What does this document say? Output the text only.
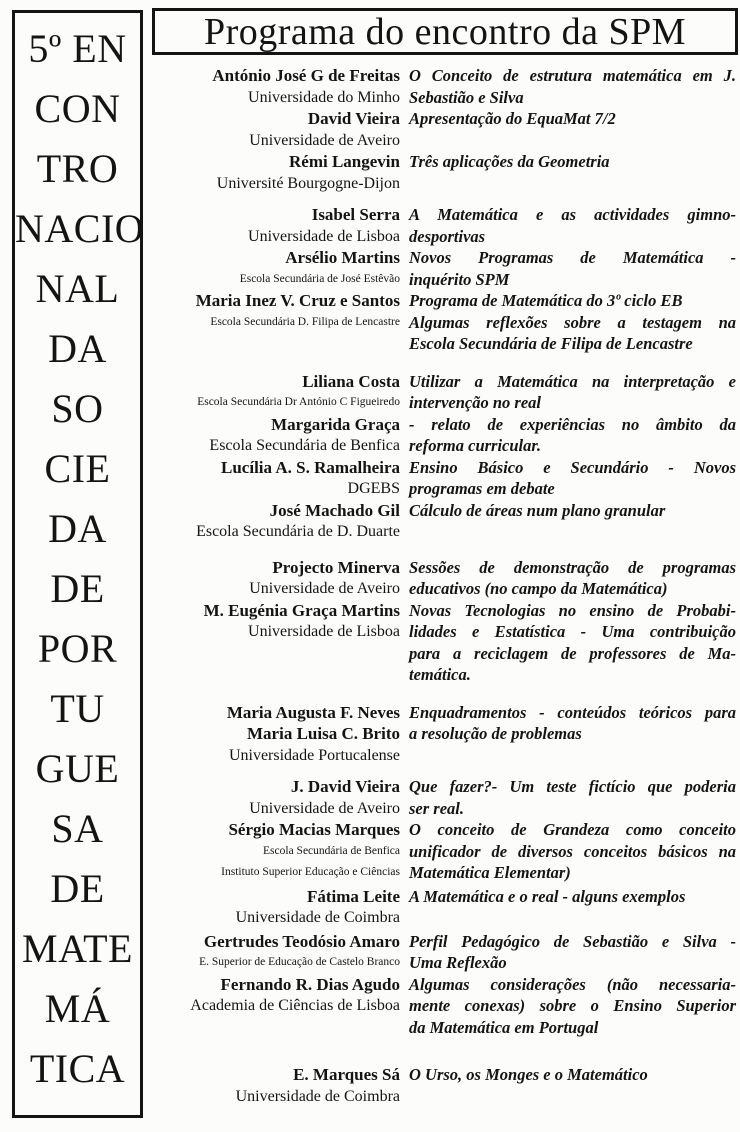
5º EN
CON
TRO
NACIO
NAL
DA
SO
CIE
DA
DE
POR
TU
GUE
SA
DE
MATE
MÁ
TICA
Programa do encontro da SPM
António José G de Freitas
Universidade do Minho
O Conceito de estrutura matemática em J.
Sebastião e Silva
David Vieira
Universidade de Aveiro
Apresentação do EquaMat 7/2
Rémi Langevin
Université Bourgogne-Dijon
Três aplicações da Geometria
Isabel Serra
Universidade de Lisboa
A Matemática e as actividades gimno-
desportivas
Arsélio Martins
Escola Secundária de José Estêvão
Novos Programas de Matemática -
inquérito SPM
Maria Inez V. Cruz e Santos
Escola Secundária D. Filipa de Lencastre
Programa de Matemática do 3º ciclo EB
Algumas reflexões sobre a testagem na
Escola Secundária de Filipa de Lencastre
Liliana Costa
Escola Secundária Dr António C Figueiredo
Utilizar a Matemática na interpretação e
intervenção no real
Margarida Graça
Escola Secundária de Benfica
- relato de experiências no âmbito da
reforma curricular.
Lucília A. S. Ramalheira
DGEBS
Ensino Básico e Secundário - Novos
programas em debate
José Machado Gil
Escola Secundária de D. Duarte
Cálculo de áreas num plano granular
Projecto Minerva
Universidade de Aveiro
Sessões de demonstração de programas
educativos (no campo da Matemática)
M. Eugénia Graça Martins
Universidade de Lisboa
Novas Tecnologias no ensino de Probabi-
lidades e Estatística - Uma contribuição
para a reciclagem de professores de Ma-
temática.
Maria Augusta F. Neves
Maria Luisa C. Brito
Universidade Portucalense
Enquadramentos - conteúdos teóricos para
a resolução de problemas
J. David Vieira
Universidade de Aveiro
Que fazer?- Um teste fictício que poderia
ser real.
Sérgio Macias Marques
Escola Secundária de Benfica
Instituto Superior Educação e Ciências
O conceito de Grandeza como conceito
unificador de diversos conceitos básicos na
Matemática Elementar)
Fátima Leite
Universidade de Coimbra
A Matemática e o real - alguns exemplos
Gertrudes Teodósio Amaro
E. Superior de Educação de Castelo Branco
Perfil Pedagógico de Sebastião e Silva -
Uma Reflexão
Fernando R. Dias Agudo
Academia de Ciências de Lisboa
Algumas considerações (não necessaria-
mente conexas) sobre o Ensino Superior
da Matemática em Portugal
E. Marques Sá
Universidade de Coimbra
O Urso, os Monges e o Matemático
